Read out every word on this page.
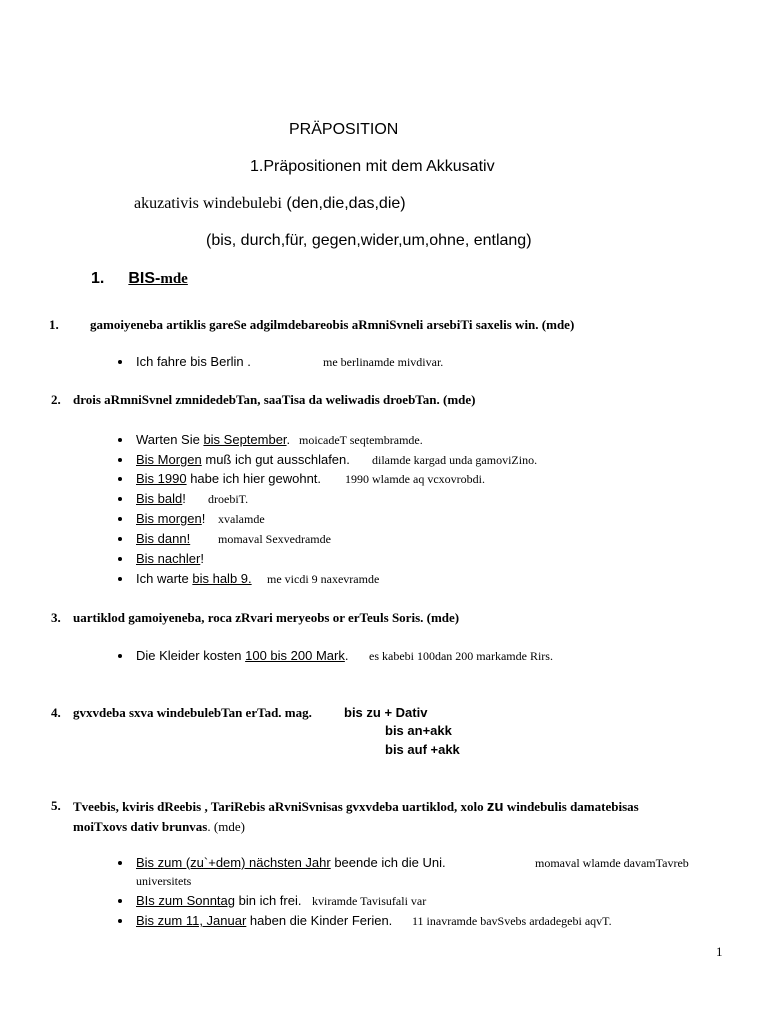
PRÄPOSITION
1.Präpositionen mit dem Akkusativ
akuzativis windebulebi (den,die,das,die)
(bis, durch,für, gegen,wider,um,ohne, entlang)
1. BIS-mde
1. gamoiyeneba artiklis gareSe adgilmdebareobis aRmniSvneli arsebiTi saxelis win. (mde)
Ich fahre bis Berlin .	me berlinamde mivdivar.
2. drois aRmniSvnel zmnidedebTan, saaTisa da weliwadis droebTan. (mde)
Warten Sie bis September. moicadeT seqtembramde.
Bis Morgen muß ich gut ausschlafen. dilamde kargad unda gamoviZino.
Bis 1990 habe ich hier gewohnt. 1990 wlamde aq vcxovrobdi.
Bis bald! droebiT.
Bis morgen! xvalamde
Bis dann! momaval Sexvedramde
Bis nachler!
Ich warte bis halb 9. me vicdi 9 naxevramde
3. uartiklod gamoiyeneba, roca zRvari meryeobs or erTeuls Soris. (mde)
Die Kleider kosten 100 bis 200 Mark. es kabebi 100dan 200 markamde Rirs.
4. gvxvdeba sxva windebulebTan erTad. mag. bis zu + Dativ
bis an+akk
bis auf +akk
5. Tveebis, kviris dReebis , TariRebis aRvniSvnisas gvxvdeba uartiklod, xolo zu windebulis damatebisas
moiTxovs dativ brunvas. (mde)
Bis zum (zu`+dem) nächsten Jahr beende ich die Uni.	momaval wlamde davamTavreb
universitets
BIs zum Sonntag bin ich frei. kviramde Tavisufali var
Bis zum 11, Januar haben die Kinder Ferien. 11 inavramde bavSvebs ardadegebi aqvT.
1
